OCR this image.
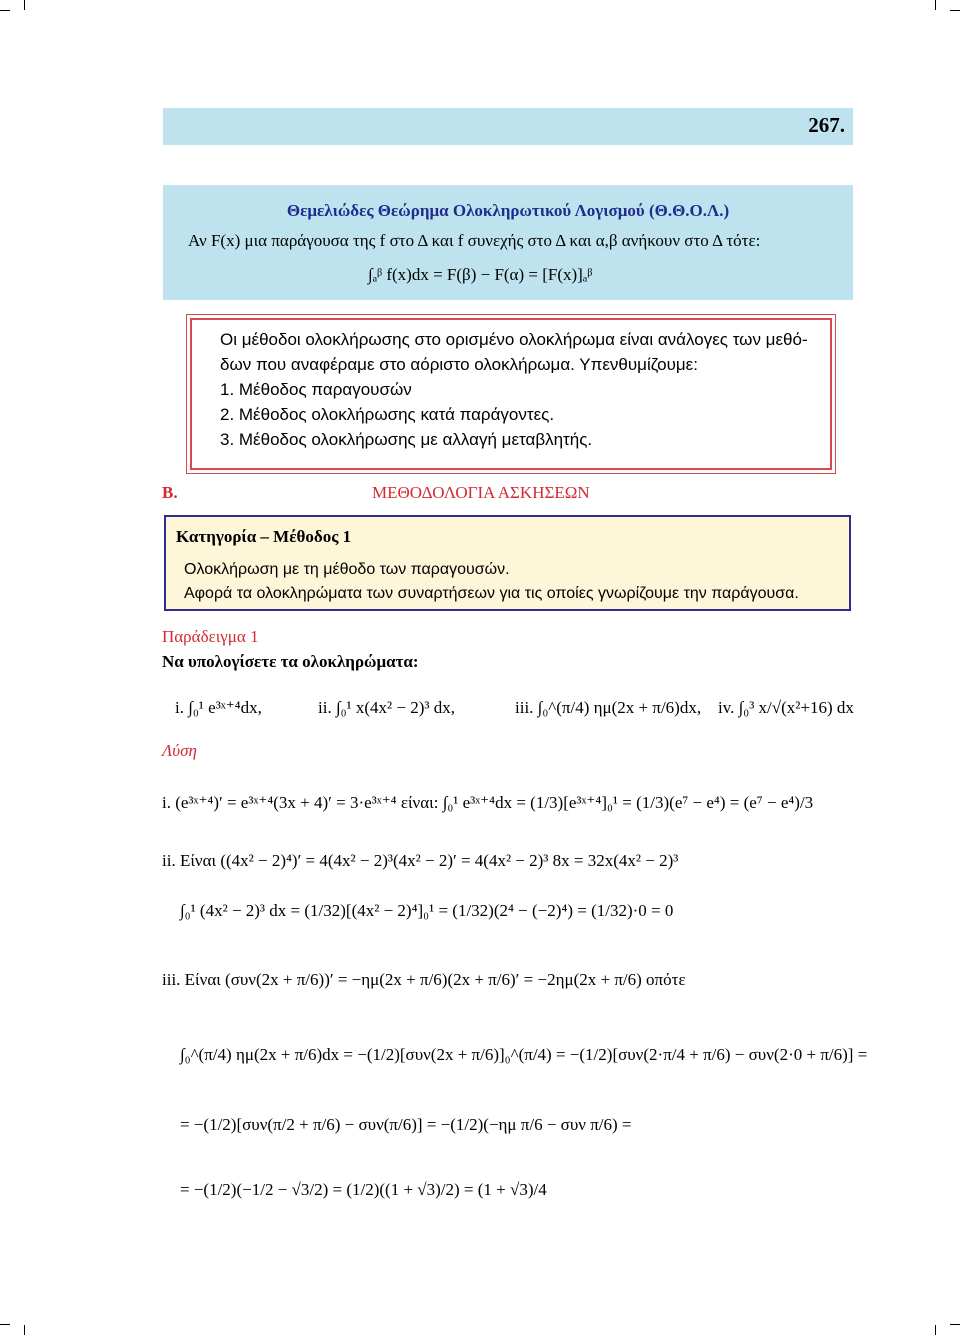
267.
Θεμελιώδες Θεώρημα Ολοκληρωτικού Λογισμού (Θ.Θ.Ο.Λ.)
Αν F(x) μια παράγουσα της f στο Δ και f συνεχής στο Δ και α,β ανήκουν στο Δ τότε:
∫ₐᵝ f(x)dx = F(β) − F(α) = [F(x)]ₐᵝ
Οι μέθοδοι ολοκλήρωσης στο ορισμένο ολοκλήρωμα είναι ανάλογες των μεθό-
δων που αναφέραμε στο αόριστο ολοκλήρωμα. Υπενθυμίζουμε:
1. Μέθοδος παραγουσών
2. Μέθοδος ολοκλήρωσης κατά παράγοντες.
3. Μέθοδος ολοκλήρωσης με αλλαγή μεταβλητής.
Β.	ΜΕΘΟΔΟΛΟΓΙΑ ΑΣΚΗΣΕΩΝ
Κατηγορία – Μέθοδος 1
Ολοκλήρωση με τη μέθοδο των παραγουσών.
Αφορά τα ολοκληρώματα των συναρτήσεων για τις οποίες γνωρίζουμε την παράγουσα.
Παράδειγμα 1
Να υπολογίσετε τα ολοκληρώματα:
i. ∫₀¹ e³ˣ⁺⁴dx,	ii. ∫₀¹ x(4x² − 2)³ dx,	iii. ∫₀^(π/4) ημ(2x + π/6)dx, iv. ∫₀³ x/√(x²+16) dx
Λύση
i. (e³ˣ⁺⁴)′ = e³ˣ⁺⁴(3x + 4)′ = 3·e³ˣ⁺⁴ είναι: ∫₀¹ e³ˣ⁺⁴dx = (1/3)[e³ˣ⁺⁴]₀¹ = (1/3)(e⁷ − e⁴) = (e⁷ − e⁴)/3
ii. Είναι ((4x² − 2)⁴)′ = 4(4x² − 2)³(4x² − 2)′ = 4(4x² − 2)³ 8x = 32x(4x² − 2)³
∫₀¹ (4x² − 2)³ dx = (1/32)[(4x² − 2)⁴]₀¹ = (1/32)(2⁴ − (−2)⁴) = (1/32)·0 = 0
iii. Είναι (συν(2x + π/6))′ = −ημ(2x + π/6)(2x + π/6)′ = −2ημ(2x + π/6) οπότε
∫₀^(π/4) ημ(2x + π/6)dx = −(1/2)[συν(2x + π/6)]₀^(π/4) = −(1/2)[συν(2·π/4 + π/6) − συν(2·0 + π/6)] =
= −(1/2)[συν(π/2 + π/6) − συν(π/6)] = −(1/2)(−ημ π/6 − συν π/6) =
= −(1/2)(−1/2 − √3/2) = (1/2)((1 + √3)/2) = (1 + √3)/4
